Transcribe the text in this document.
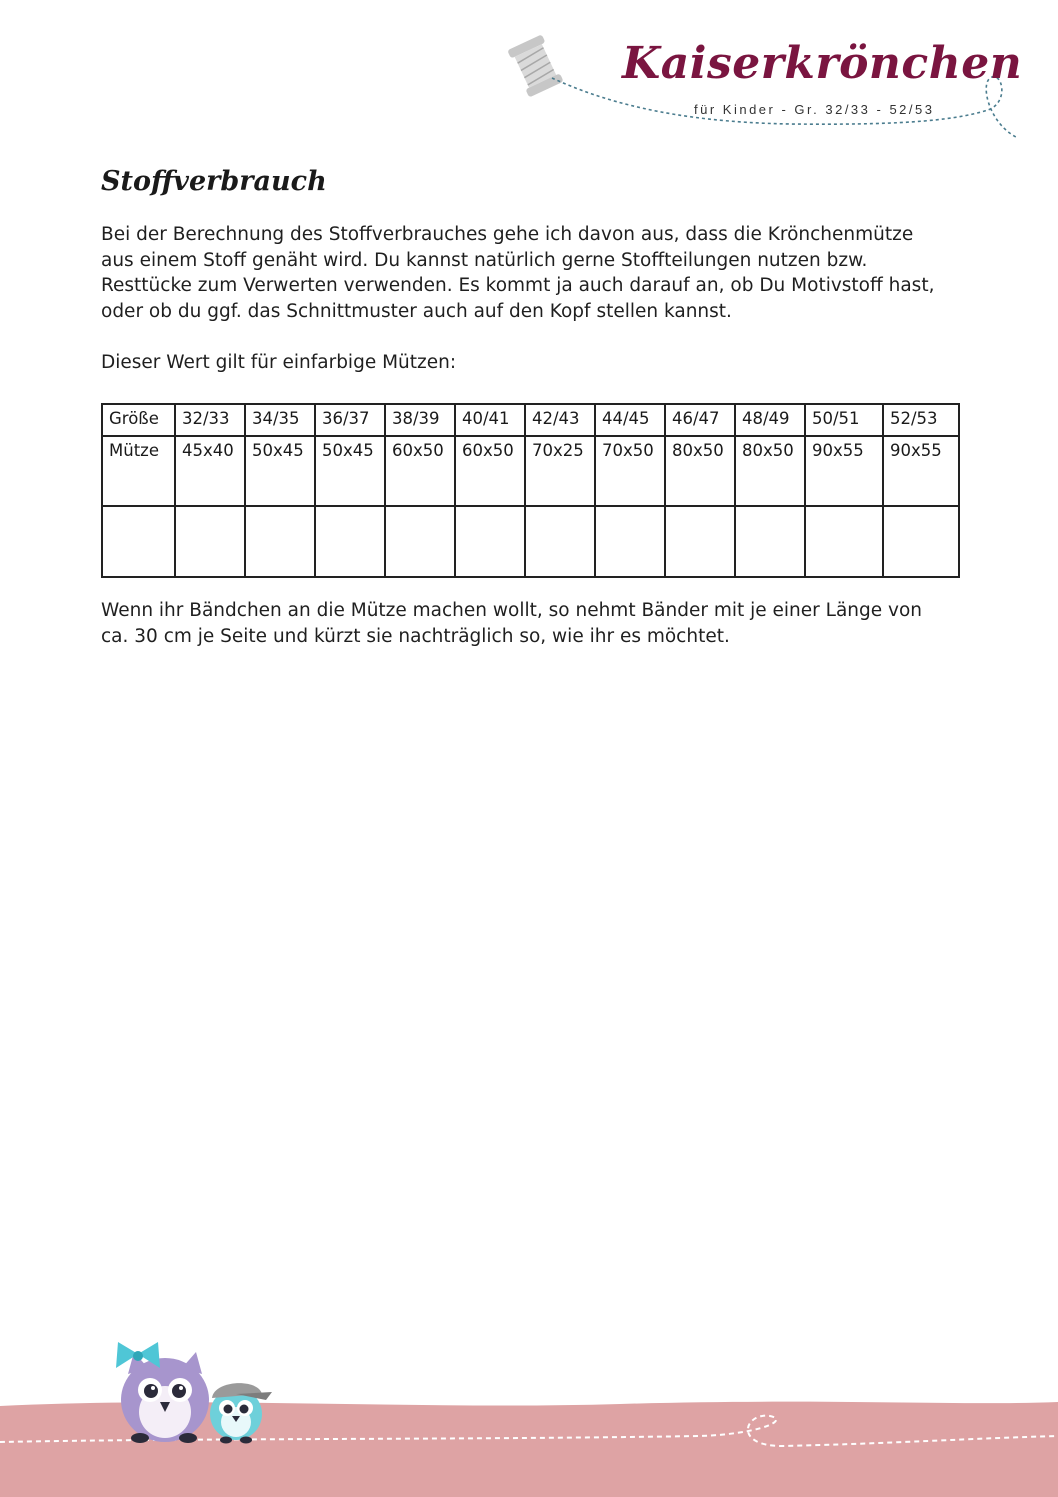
Kaiserkrönchen
für Kinder - Gr. 32/33 - 52/53
Stoffverbrauch

Bei der Berechnung des Stoffverbrauches gehe ich davon aus, dass die Krönchenmütze aus einem Stoff genäht wird. Du kannst natürlich gerne Stoffteilungen nutzen bzw. Resttücke zum Verwerten verwenden. Es kommt ja auch darauf an, ob Du Motivstoff hast, oder ob du ggf. das Schnittmuster auch auf den Kopf stellen kannst.

Dieser Wert gilt für einfarbige Mützen:

Größe	32/33	34/35	36/37	38/39	40/41	42/43	44/45	46/47	48/49	50/51	52/53
Mütze	45x40	50x45	50x45	60x50	60x50	70x25	70x50	80x50	80x50	90x55	90x55

Wenn ihr Bändchen an die Mütze machen wollt, so nehmt Bänder mit je einer Länge von ca. 30 cm je Seite und kürzt sie nachträglich so, wie ihr es möchtet.
